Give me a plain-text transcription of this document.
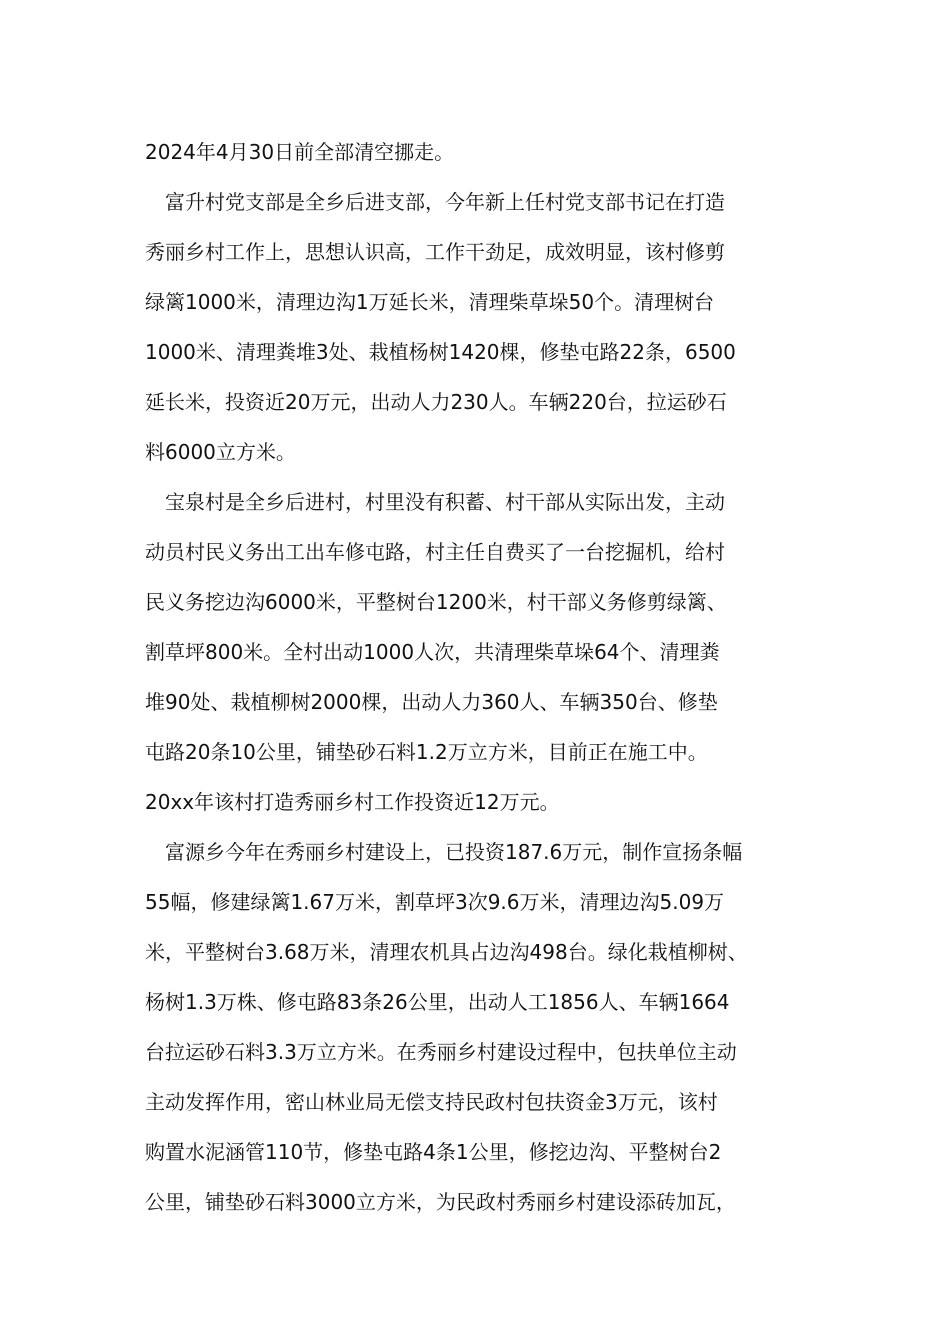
2024年4月30日前全部清空挪走。
　富升村党支部是全乡后进支部，今年新上任村党支部书记在打造
秀丽乡村工作上，思想认识高，工作干劲足，成效明显，该村修剪
绿篱1000米，清理边沟1万延长米，清理柴草垛50个。清理树台
1000米、清理粪堆3处、栽植杨树1420棵，修垫屯路22条，6500
延长米，投资近20万元，出动人力230人。车辆220台，拉运砂石
料6000立方米。
　宝泉村是全乡后进村，村里没有积蓄、村干部从实际出发，主动
动员村民义务出工出车修屯路，村主任自费买了一台挖掘机，给村
民义务挖边沟6000米，平整树台1200米，村干部义务修剪绿篱、
割草坪800米。全村出动1000人次，共清理柴草垛64个、清理粪
堆90处、栽植柳树2000棵，出动人力360人、车辆350台、修垫
屯路20条10公里，铺垫砂石料1.2万立方米，目前正在施工中。
20xx年该村打造秀丽乡村工作投资近12万元。
　富源乡今年在秀丽乡村建设上，已投资187.6万元，制作宣扬条幅
55幅，修建绿篱1.67万米，割草坪3次9.6万米，清理边沟5.09万
米，平整树台3.68万米，清理农机具占边沟498台。绿化栽植柳树、
杨树1.3万株、修屯路83条26公里，出动人工1856人、车辆1664
台拉运砂石料3.3万立方米。在秀丽乡村建设过程中，包扶单位主动
主动发挥作用，密山林业局无偿支持民政村包扶资金3万元，该村
购置水泥涵管110节，修垫屯路4条1公里，修挖边沟、平整树台2
公里，铺垫砂石料3000立方米，为民政村秀丽乡村建设添砖加瓦，
